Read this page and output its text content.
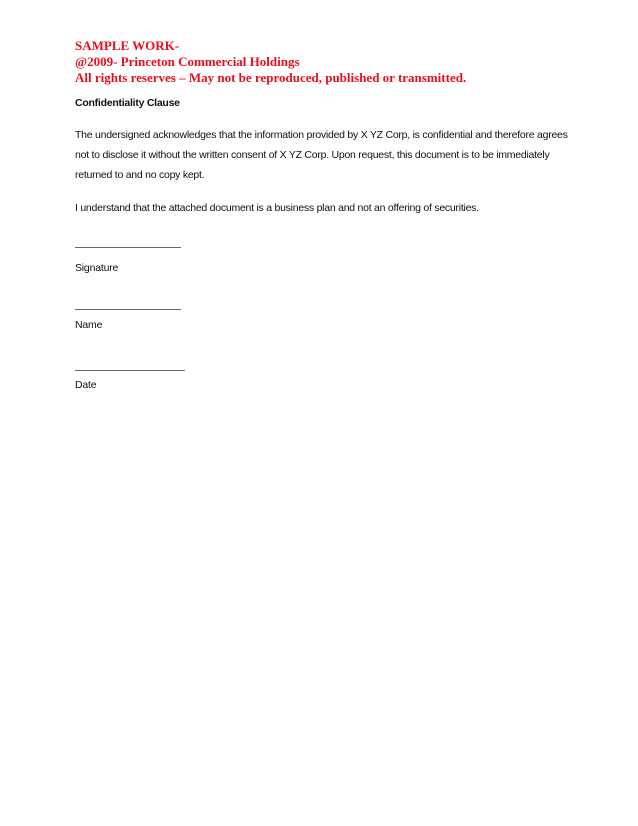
SAMPLE WORK-
@2009- Princeton Commercial Holdings
All rights reserves – May not be reproduced, published or transmitted.
Confidentiality Clause
The undersigned acknowledges that the information provided by X YZ Corp, is confidential and therefore agrees not to disclose it without the written consent of X YZ Corp. Upon request, this document is to be immediately returned to and no copy kept.
I understand that the attached document is a business plan and not an offering of securities.
Signature
Name
Date
